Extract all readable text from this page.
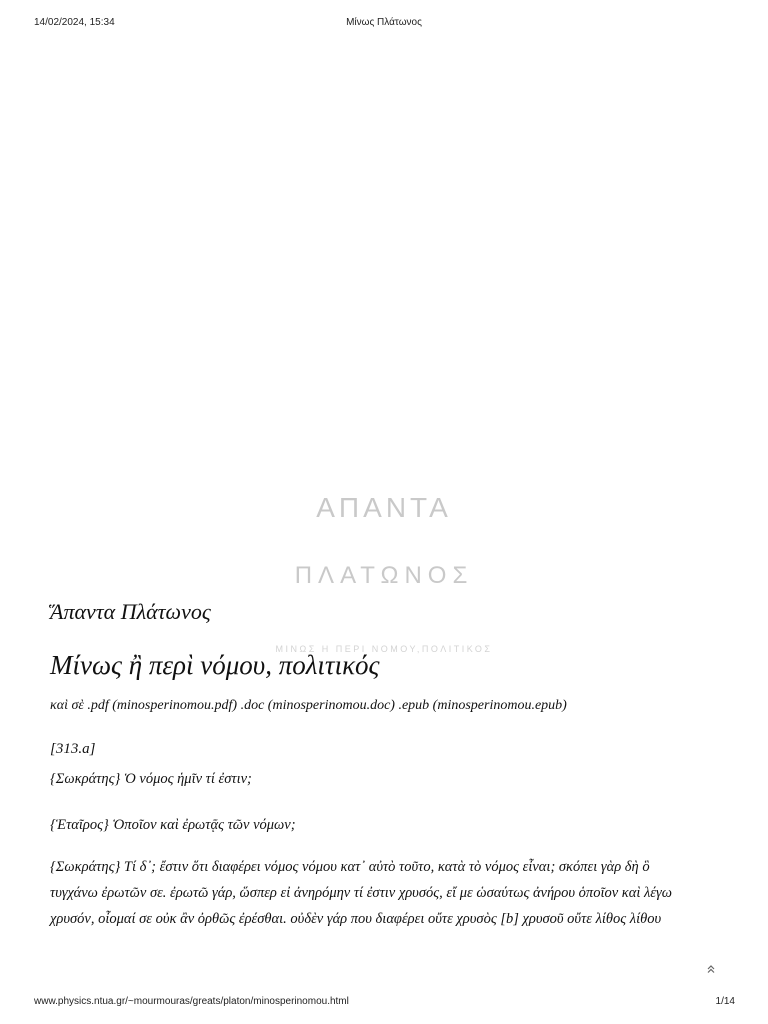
14/02/2024, 15:34	Μίνως Πλάτωνος
ΑΠΑΝΤΑ
ΠΛΑΤΩΝΟΣ
ΜΙΝΩΣ Η ΠΕΡΙ ΝΟΜΟΥ,ΠΟΛΙΤΙΚΟΣ
Ἅπαντα Πλάτωνος
Μίνως ἢ περὶ νόμου, πολιτικός
καὶ σὲ .pdf (minosperinomou.pdf) .doc (minosperinomou.doc) .epub (minosperinomou.epub)
[313.a]
{Σωκράτης} Ὁ νόμος ἡμῖν τί ἐστιν;
{Ἑταῖρος} Ὁποῖον καὶ ἐρωτᾷς τῶν νόμων;
{Σωκράτης} Τί δ᾽; ἔστιν ὅτι διαφέρει νόμος νόμου κατ᾽ αὐτὸ τοῦτο, κατὰ τὸ νόμος εἶναι; σκόπει γὰρ δὴ ὃ
τυγχάνω ἐρωτῶν σε. ἐρωτῶ γάρ, ὥσπερ εἰ ἀνηρόμην τί ἐστιν χρυσός, εἴ με ὡσαύτως ἀνήρου ὁποῖον καὶ λέγω
χρυσόν, οἶομαί σε οὐκ ἂν ὀρθῶς ἐρέσθαι. οὐδὲν γάρ που διαφέρει οὔτε χρυσὸς [b] χρυσοῦ οὔτε λίθος λίθου
www.physics.ntua.gr/~mourmouras/greats/platon/minosperinomou.html	1/14
